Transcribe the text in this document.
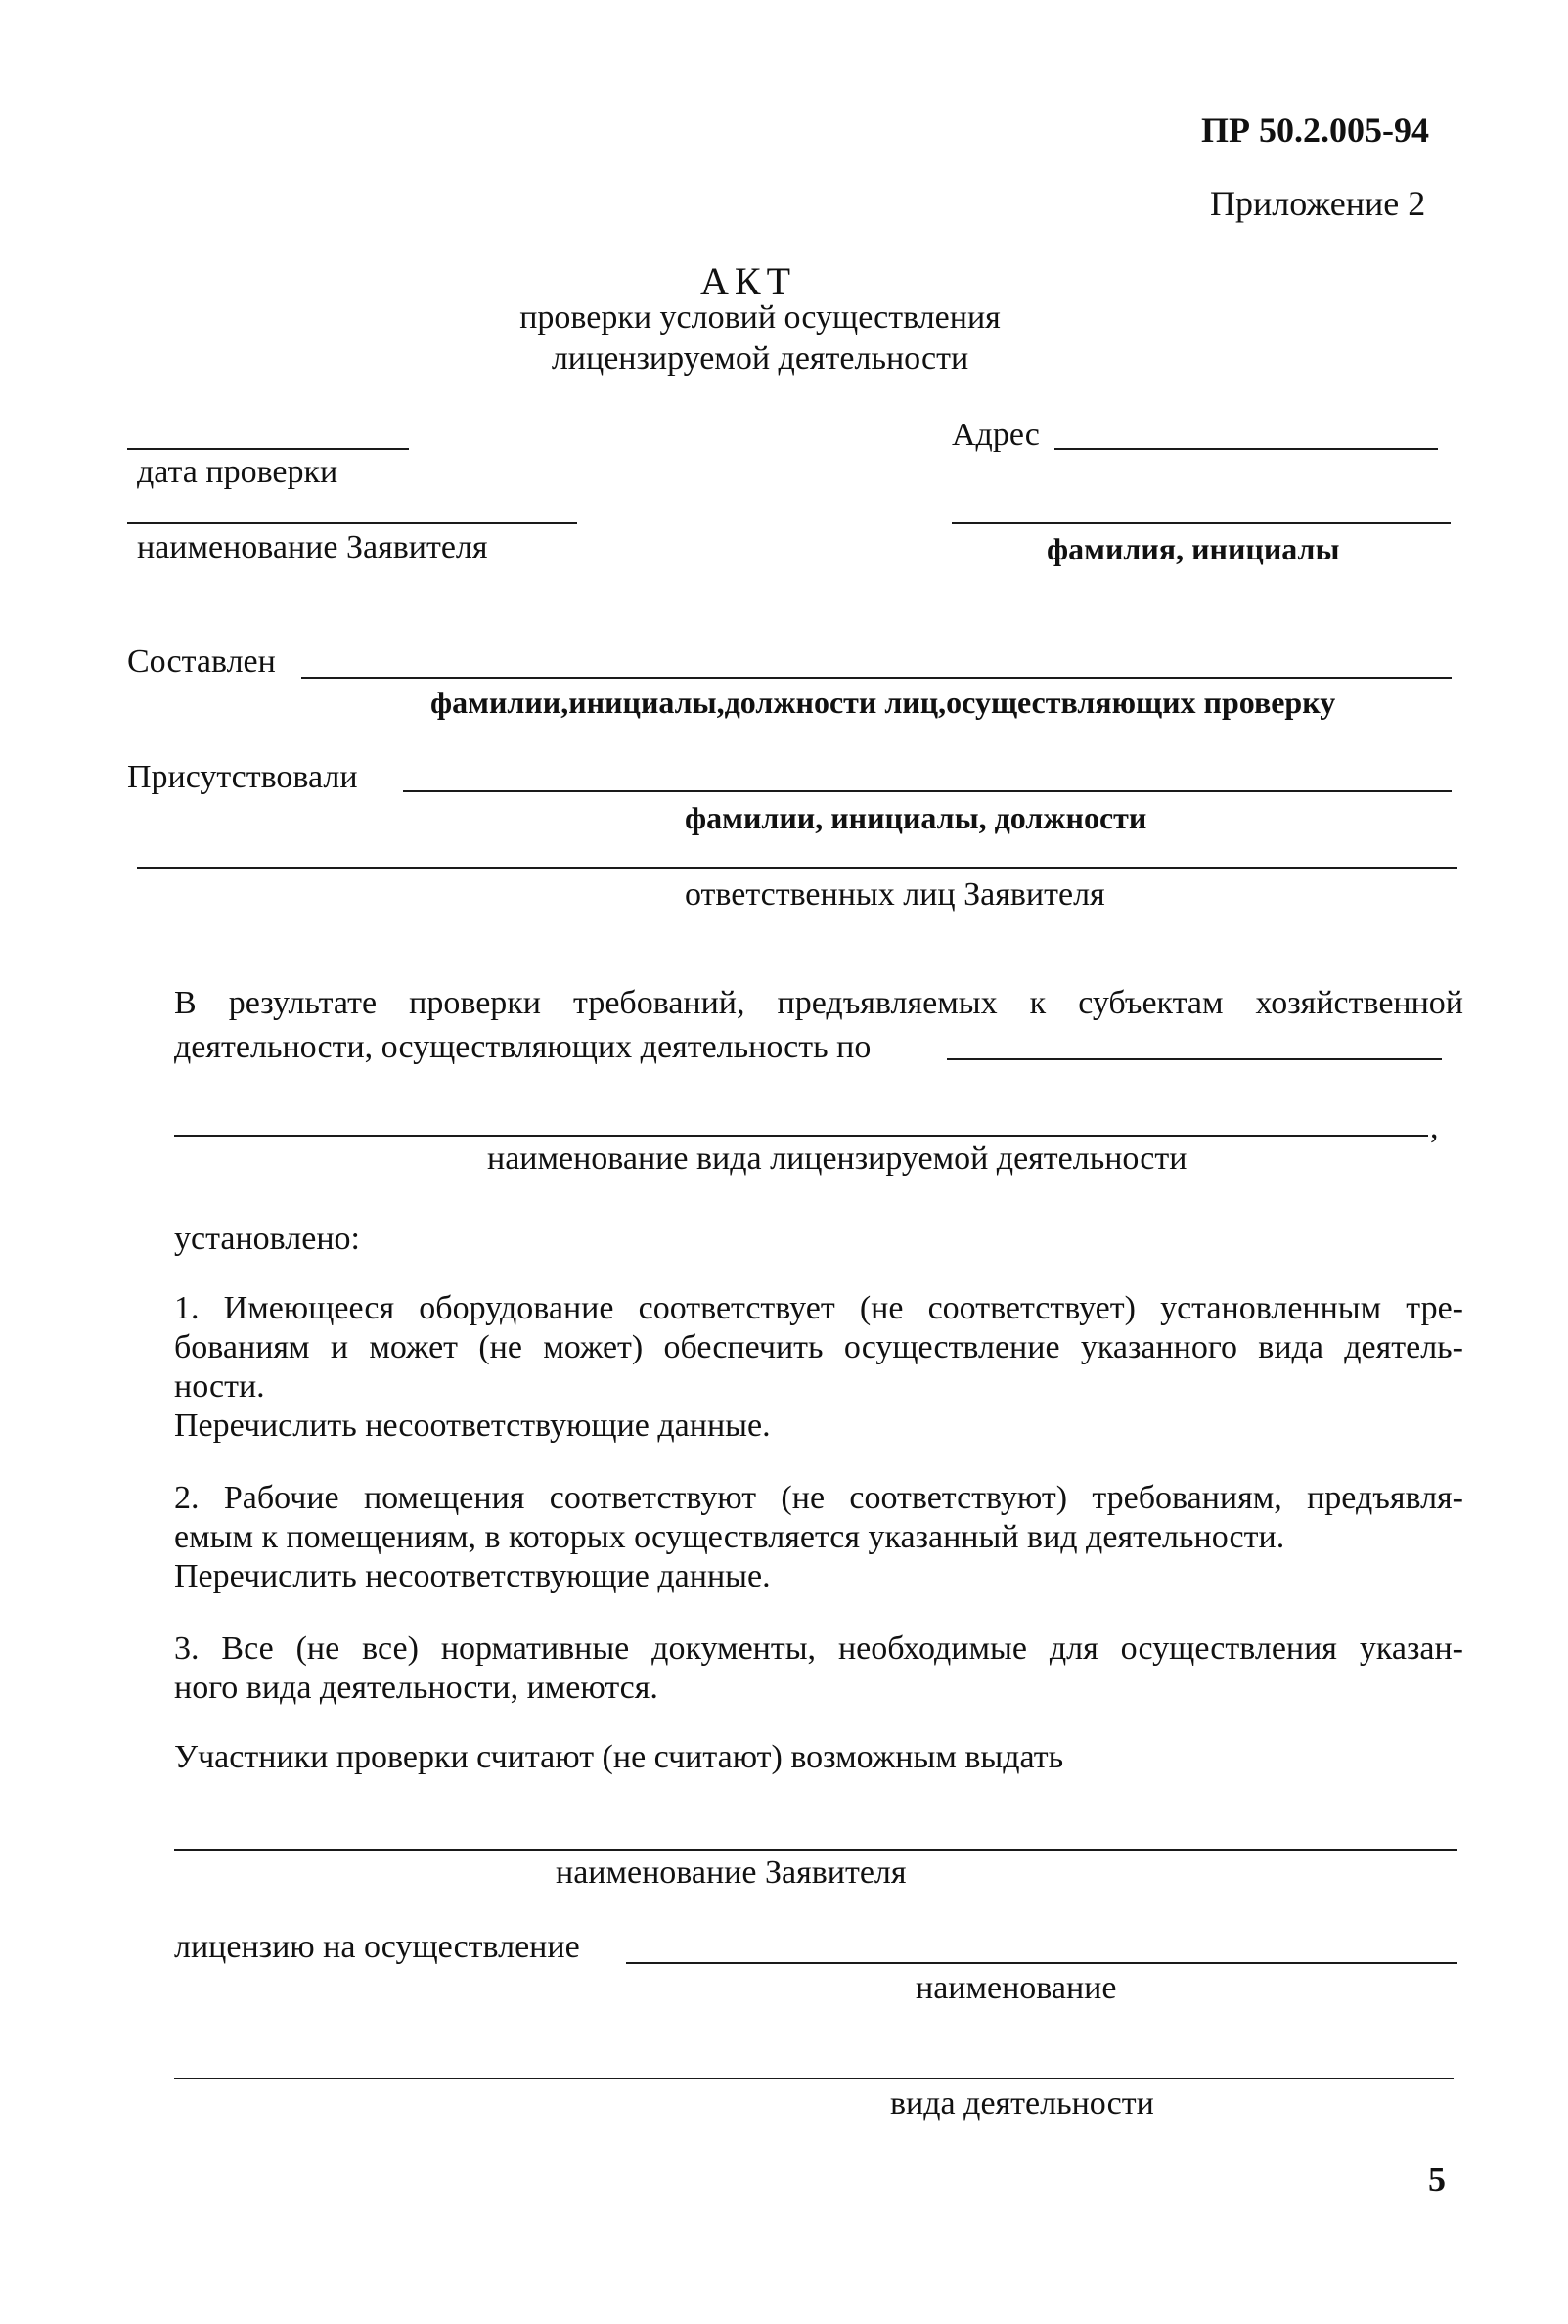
ПР 50.2.005-94
Приложение 2
АКТ
проверки условий осуществления
лицензируемой деятельности
дата проверки
Адрес
наименование Заявителя	фамилия, инициалы
Составлен
фамилии,инициалы,должности лиц,осуществляющих проверку
Присутствовали
фамилии, инициалы, должности
ответственных лиц Заявителя
В результате проверки требований, предъявляемых к субъектам хозяйственной
деятельности, осуществляющих деятельность по
,
наименование вида лицензируемой деятельности
установлено:
1. Имеющееся оборудование соответствует (не соответствует) установленным тре-
бованиям и может (не может) обеспечить осуществление указанного вида деятель-
ности.
Перечислить несоответствующие данные.
2. Рабочие помещения соответствуют (не соответствуют) требованиям, предъявля-
емым к помещениям, в которых осуществляется указанный вид деятельности.
Перечислить несоответствующие данные.
3. Все (не все) нормативные документы, необходимые для осуществления указан-
ного вида деятельности, имеются.
Участники проверки считают (не считают) возможным выдать
наименование Заявителя
лицензию на осуществление
наименование
вида деятельности
5
